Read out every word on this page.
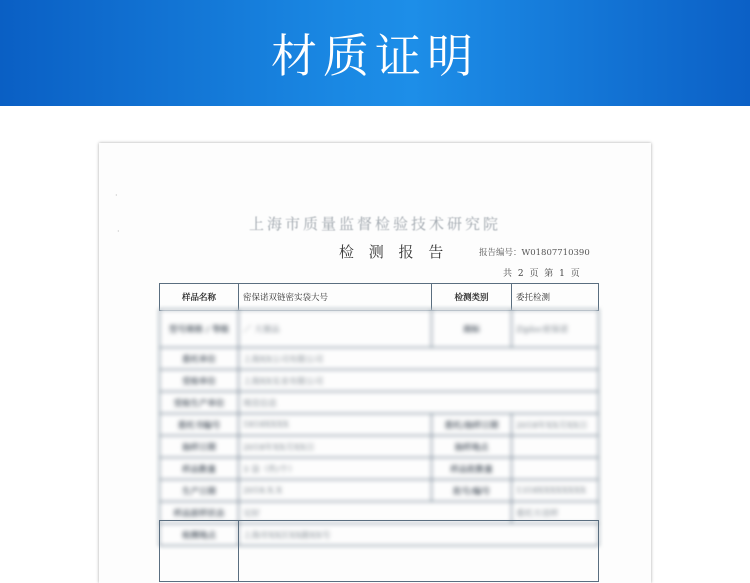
材质证明
·
·	上海市质量监督检验技术研究院
检 测 报 告	报告编号：W01807710390
共 2 页 第 1 页
样品名称	密保诺双链密实袋大号	检测类别	委托检测
型号规格 / 等级	／ 大號品	商标	Ziploc密保诺
委托单位	上海XX公司有限公司		
受检单位	上海XX实业有限公司		
受检生产单位	规范信息		
委托书编号	1818XXXX	委托/抽样日期	2018年XX月XX日
抽样日期	2018年XX月XX日	抽样地点	
样品数量	3 袋（件/个）	样品批数量	
生产日期	2018.X.X	批号/编号	1318XXXXXXXX
样品原样状态	完好		委托方送样
检测地点	上海市XX区XX路XX号		
